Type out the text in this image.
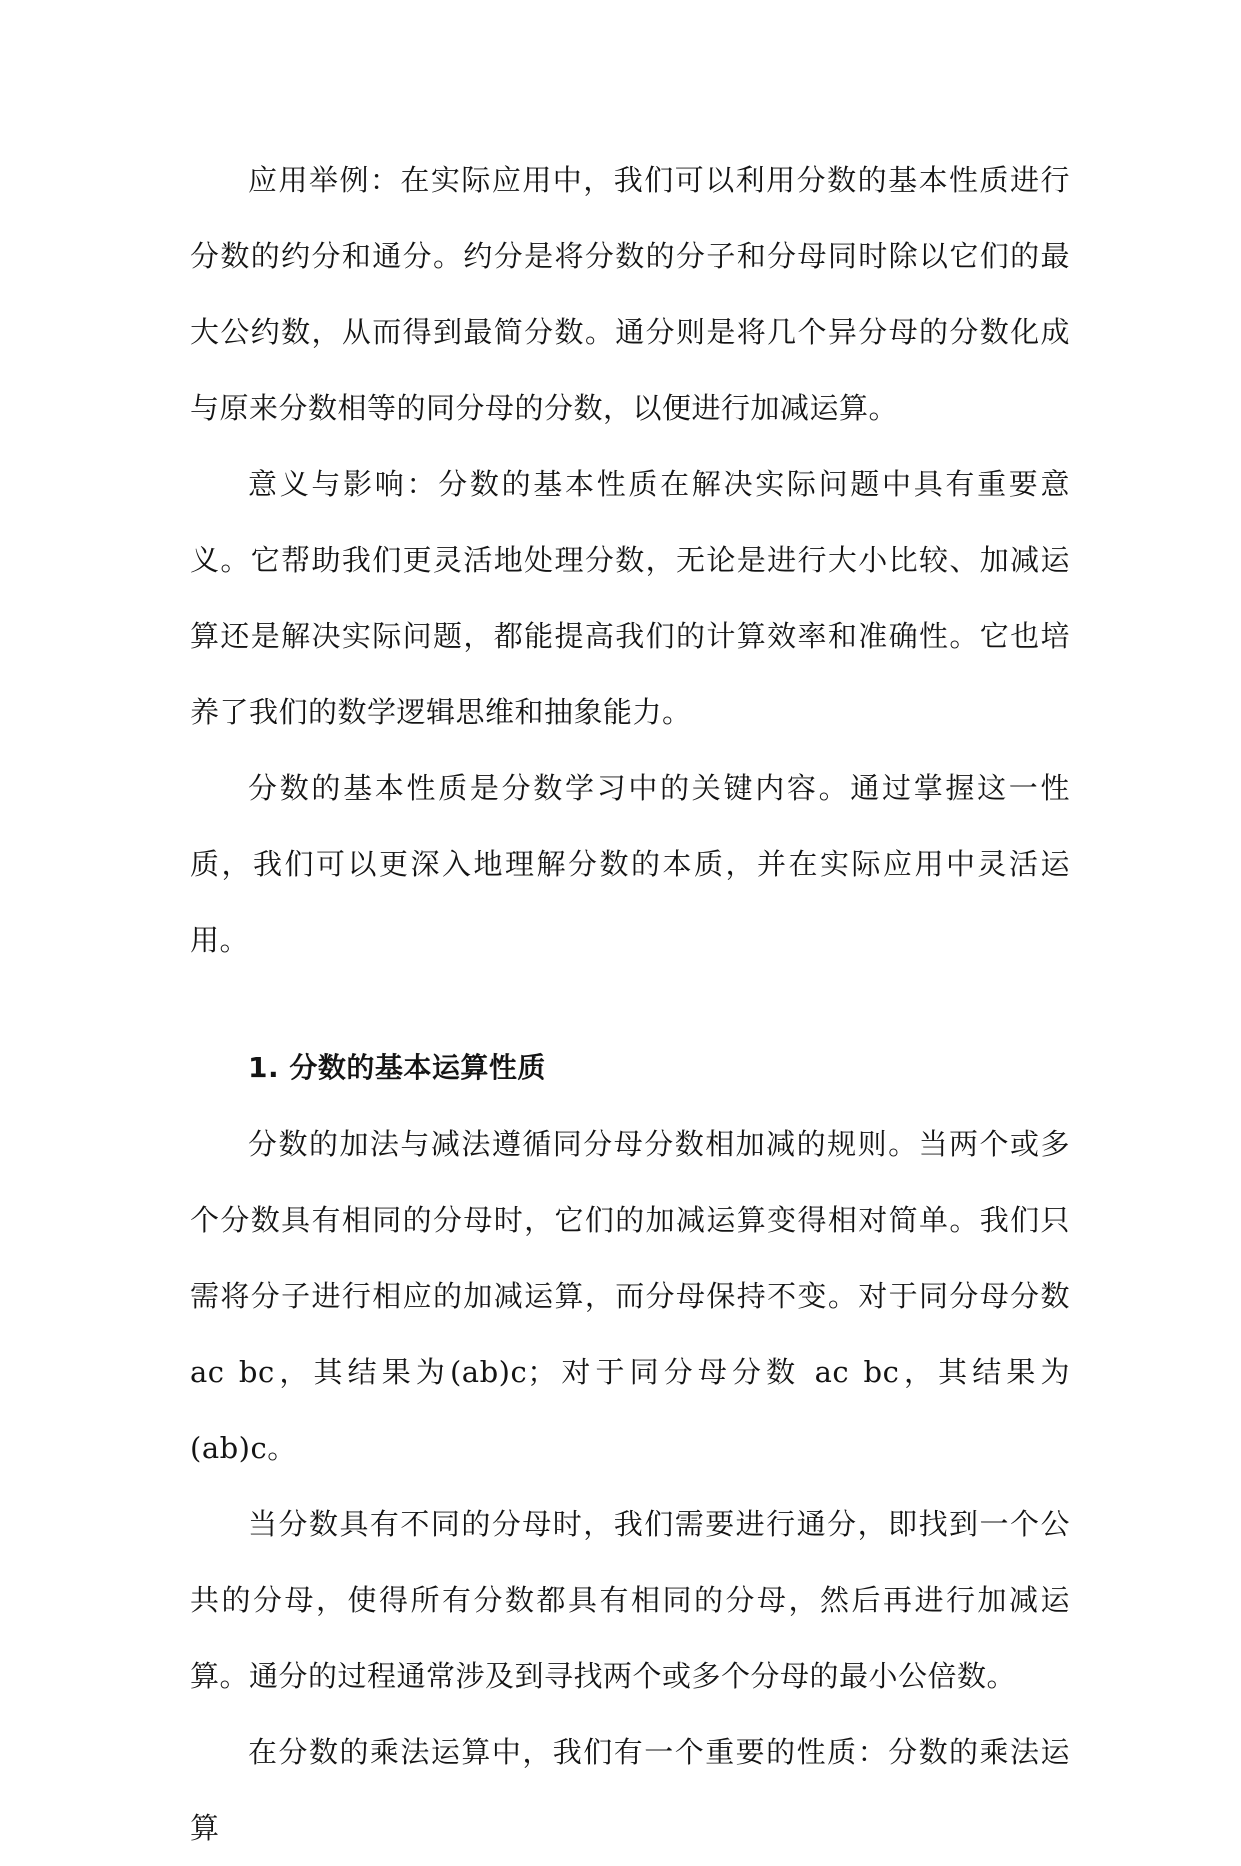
应用举例：在实际应用中，我们可以利用分数的基本性质进行分数的约分和通分。约分是将分数的分子和分母同时除以它们的最大公约数，从而得到最简分数。通分则是将几个异分母的分数化成与原来分数相等的同分母的分数，以便进行加减运算。

意义与影响：分数的基本性质在解决实际问题中具有重要意义。它帮助我们更灵活地处理分数，无论是进行大小比较、加减运算还是解决实际问题，都能提高我们的计算效率和准确性。它也培养了我们的数学逻辑思维和抽象能力。

分数的基本性质是分数学习中的关键内容。通过掌握这一性质，我们可以更深入地理解分数的本质，并在实际应用中灵活运用。

1. 分数的基本运算性质

分数的加法与减法遵循同分母分数相加减的规则。当两个或多个分数具有相同的分母时，它们的加减运算变得相对简单。我们只需将分子进行相应的加减运算，而分母保持不变。对于同分母分数 ac bc，其结果为(ab)c；对于同分母分数 ac bc，其结果为(ab)c。

当分数具有不同的分母时，我们需要进行通分，即找到一个公共的分母，使得所有分数都具有相同的分母，然后再进行加减运算。通分的过程通常涉及到寻找两个或多个分母的最小公倍数。

在分数的乘法运算中，我们有一个重要的性质：分数的乘法运算
